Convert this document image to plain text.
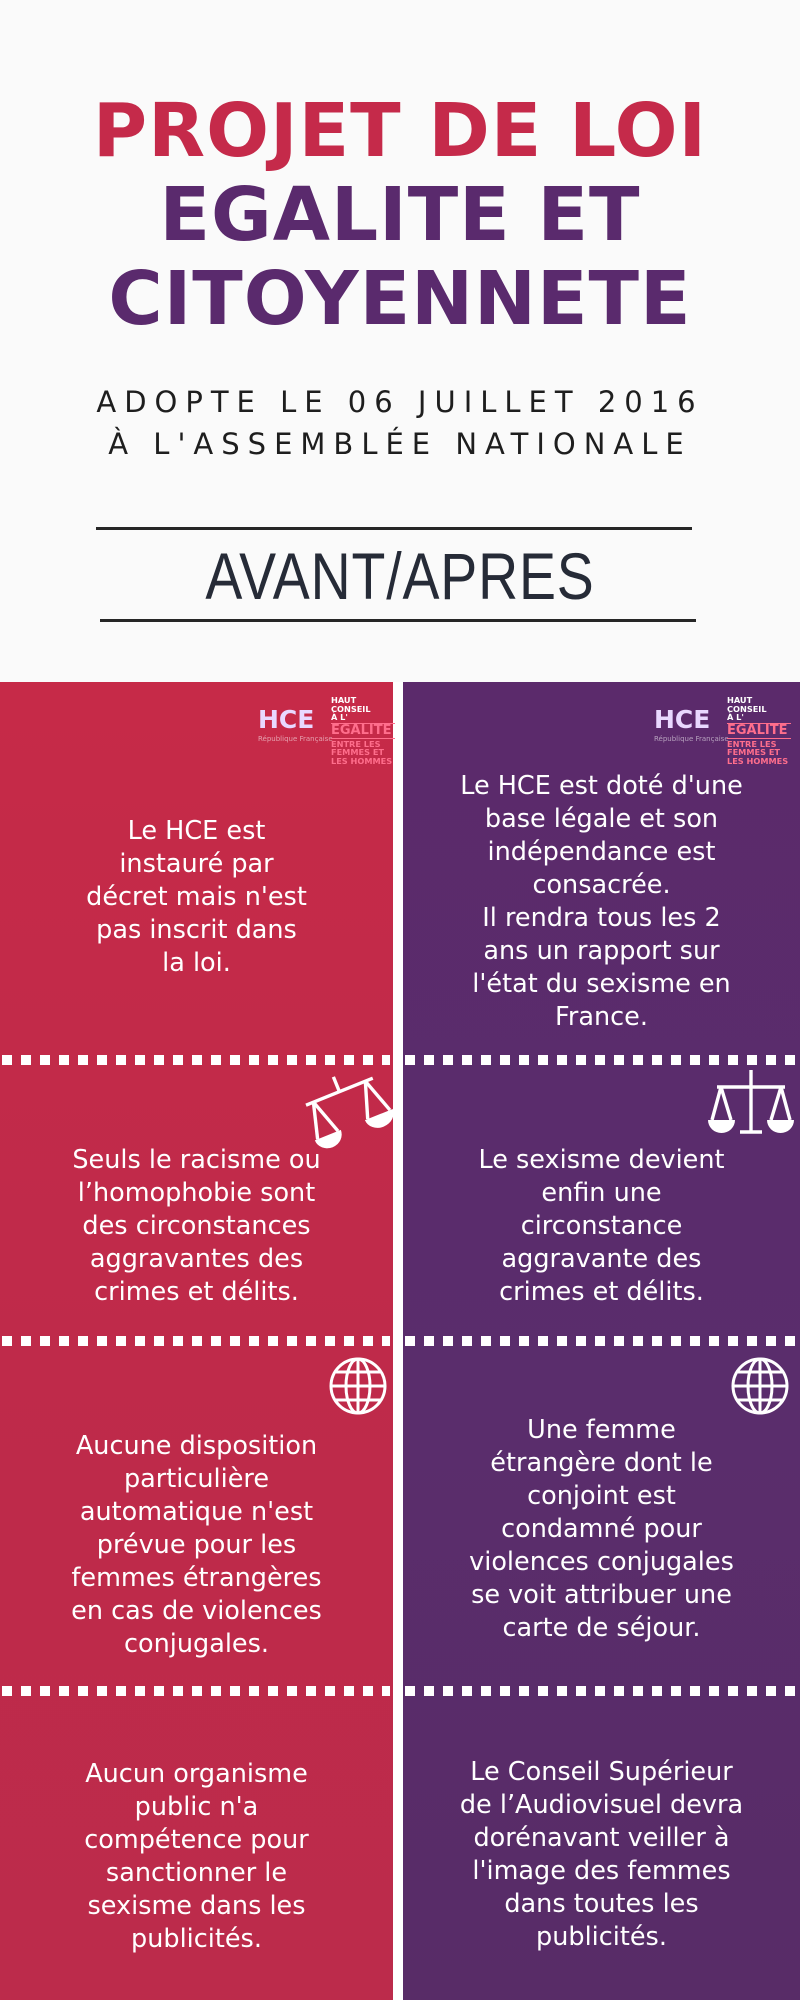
PROJET DE LOI
EGALITE ET
CITOYENNETE
ADOPTE LE 06 JUILLET 2016
À L'ASSEMBLÉE NATIONALE
AVANT/APRES
HCE
République Française
HAUT CONSEIL
À L'
EGALITE
ENTRE LES
FEMMES ET
LES HOMMES
HCE
République Française
HAUT CONSEIL
À L'
EGALITE
ENTRE LES
FEMMES ET
LES HOMMES
Le HCE est
instauré par
décret mais n'est
pas inscrit dans
la loi.
Le HCE est doté d'une
base légale et son
indépendance est
consacrée.
Il rendra tous les 2
ans un rapport sur
l'état du sexisme en
France.
Seuls le racisme ou
l’homophobie sont
des circonstances
aggravantes des
crimes et délits.
Le sexisme devient
enfin une
circonstance
aggravante des
crimes et délits.
Aucune disposition
particulière
automatique n'est
prévue pour les
femmes étrangères
en cas de violences
conjugales.
Une femme
étrangère dont le
conjoint est
condamné pour
violences conjugales
se voit attribuer une
carte de séjour.
Aucun organisme
public n'a
compétence pour
sanctionner le
sexisme dans les
publicités.
Le Conseil Supérieur
de l’Audiovisuel devra
dorénavant veiller à
l'image des femmes
dans toutes les
publicités.
